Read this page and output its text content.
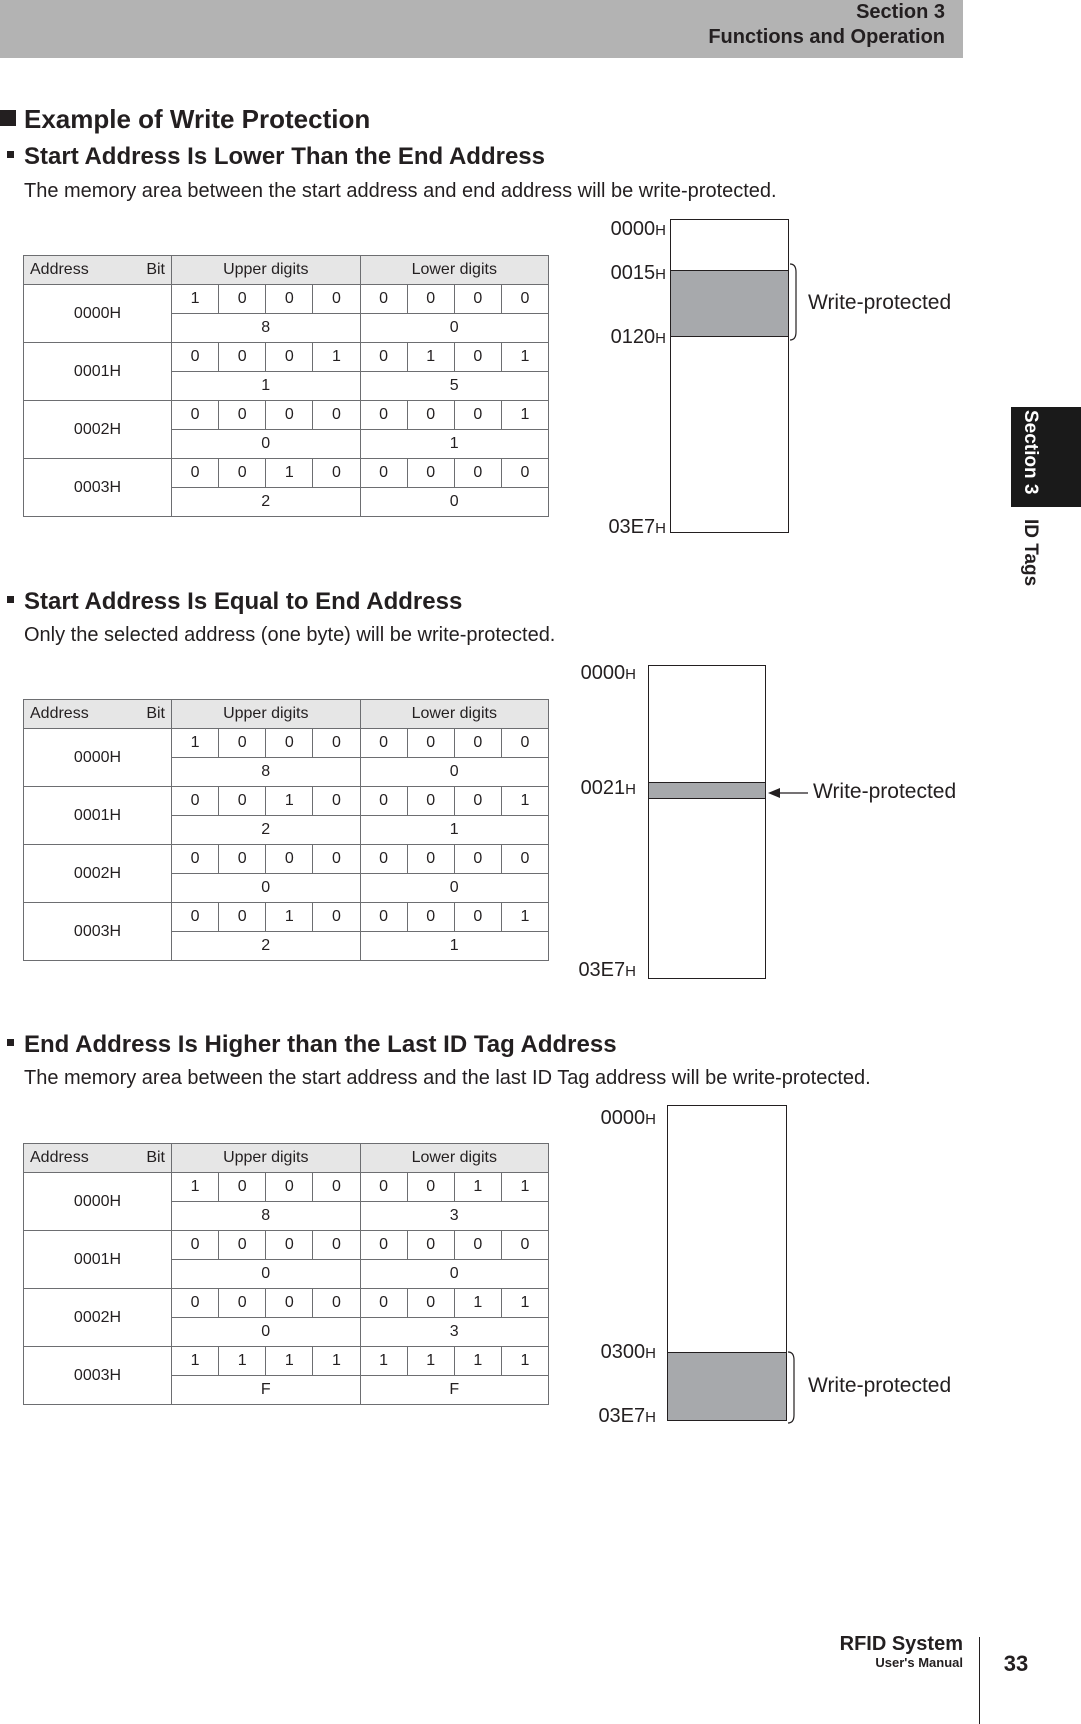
Section 3
Functions and Operation
Section 3
ID Tags
Example of Write Protection
Start Address Is Lower Than the End Address
The memory area between the start address and end address will be write-protected.
Address Bit	Upper digits				Lower digits			
0000H	1	0	0	0	0	0	0	0
	8				0			
0001H	0	0	0	1	0	1	0	1
	1				5			
0002H	0	0	0	0	0	0	0	1
	0				1			
0003H	0	0	1	0	0	0	0	0
	2				0			
0000H
0015H
0120H
03E7H
Write-protected
Start Address Is Equal to End Address
Only the selected address (one byte) will be write-protected.
Address Bit	Upper digits				Lower digits			
0000H	1	0	0	0	0	0	0	0
	8				0			
0001H	0	0	1	0	0	0	0	1
	2				1			
0002H	0	0	0	0	0	0	0	0
	0				0			
0003H	0	0	1	0	0	0	0	1
	2				1			
0000H
0021H
03E7H
Write-protected
End Address Is Higher than the Last ID Tag Address
The memory area between the start address and the last ID Tag address will be write-protected.
Address Bit	Upper digits				Lower digits			
0000H	1	0	0	0	0	0	1	1
	8				3			
0001H	0	0	0	0	0	0	0	0
	0				0			
0002H	0	0	0	0	0	0	1	1
	0				3			
0003H	1	1	1	1	1	1	1	1
	F				F			
0000H
0300H
03E7H
Write-protected
RFID System
User's Manual	33
